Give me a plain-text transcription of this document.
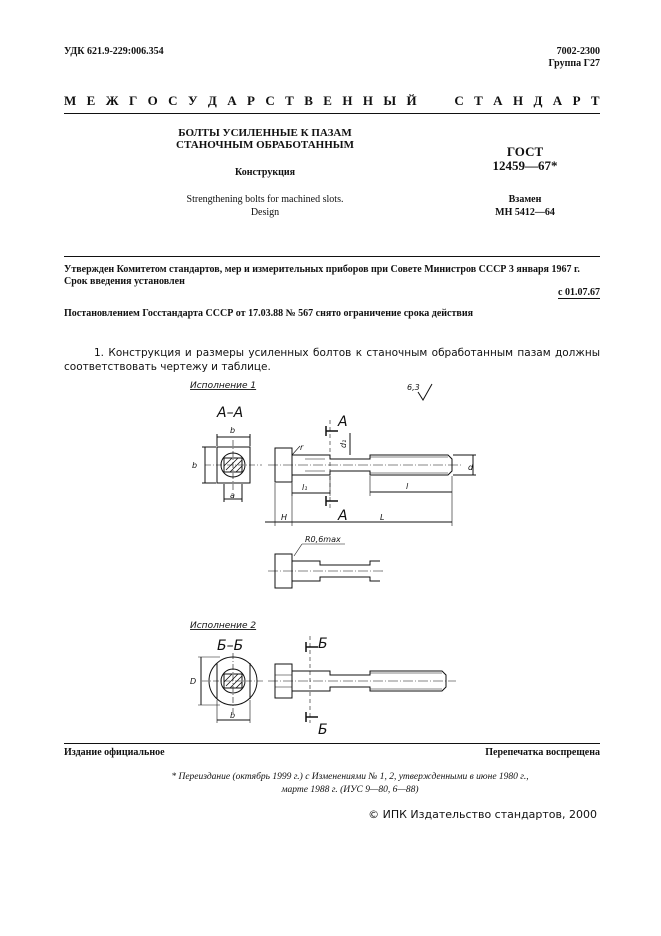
УДК 621.9-229:006.354	7002-2300
Группа Г27
М Е Ж Г О С У Д А Р С Т В Е Н Н Ы Й

	С Т А Н Д А Р Т
БОЛТЫ УСИЛЕННЫЕ К ПАЗАМ
СТАНОЧНЫМ ОБРАБОТАННЫМ
Конструкция
Strengthening bolts for machined slots.
Design
ГОСТ
12459—67*
Взамен
МН 5412—64
Утвержден Комитетом стандартов, мер и измерительных приборов при Совете Министров СССР 3 января 1967 г.
Срок введения установлен
с 01.07.67
Постановлением Госстандарта СССР от 17.03.88 № 567 снято ограничение срока действия
1. Конструкция и размеры усиленных болтов к станочным обработанным пазам должны соответствовать чертежу и таблице.
Исполнение 1
А–А
6,3
b
b
a
А
А
r	d₁
d
l₁	l
H	L
R0,6max
Исполнение 2
Б–Б
D
b
Б
Б
Издание официальное	Перепечатка воспрещена
* Переиздание (октябрь 1999 г.) с Изменениями № 1, 2, утвержденными в июне 1980 г.,
марте 1988 г. (ИУС 9—80, 6—88)
© ИПК Издательство стандартов, 2000
